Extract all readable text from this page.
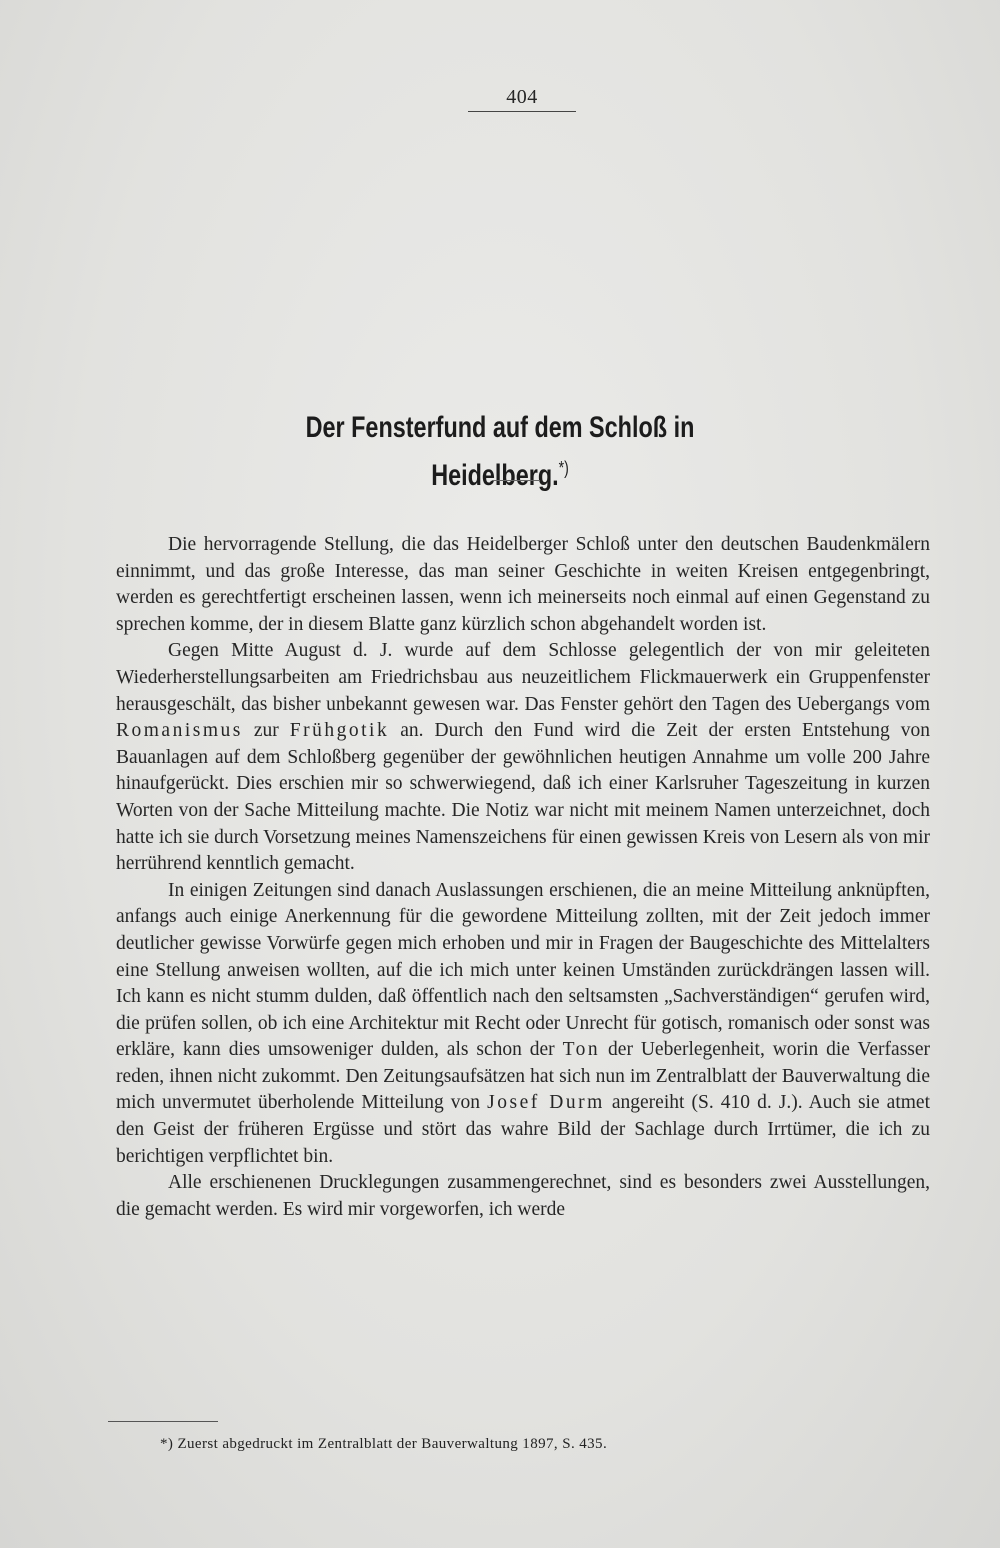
404
Der Fensterfund auf dem Schloß in Heidelberg.*)

Die hervorragende Stellung, die das Heidelberger Schloß unter den deutschen Baudenkmälern einnimmt, und das große Interesse, das man seiner Geschichte in weiten Kreisen entgegenbringt, werden es gerechtfertigt erscheinen lassen, wenn ich meinerseits noch einmal auf einen Gegenstand zu sprechen komme, der in diesem Blatte ganz kürzlich schon abgehandelt worden ist.

Gegen Mitte August d. J. wurde auf dem Schlosse gelegentlich der von mir geleiteten Wiederherstellungsarbeiten am Friedrichsbau aus neuzeitlichem Flickmauerwerk ein Gruppenfenster herausgeschält, das bisher unbekannt gewesen war. Das Fenster gehört den Tagen des Uebergangs vom Romanismus zur Frühgotik an. Durch den Fund wird die Zeit der ersten Entstehung von Bauanlagen auf dem Schloßberg gegenüber der gewöhnlichen heutigen Annahme um volle 200 Jahre hinaufgerückt. Dies erschien mir so schwerwiegend, daß ich einer Karlsruher Tageszeitung in kurzen Worten von der Sache Mitteilung machte. Die Notiz war nicht mit meinem Namen unterzeichnet, doch hatte ich sie durch Vorsetzung meines Namenszeichens für einen gewissen Kreis von Lesern als von mir herrührend kenntlich gemacht.

In einigen Zeitungen sind danach Auslassungen erschienen, die an meine Mitteilung anknüpften, anfangs auch einige Anerkennung für die gewordene Mitteilung zollten, mit der Zeit jedoch immer deutlicher gewisse Vorwürfe gegen mich erhoben und mir in Fragen der Baugeschichte des Mittelalters eine Stellung anweisen wollten, auf die ich mich unter keinen Umständen zurückdrängen lassen will. Ich kann es nicht stumm dulden, daß öffentlich nach den seltsamsten „Sachverständigen“ gerufen wird, die prüfen sollen, ob ich eine Architektur mit Recht oder Unrecht für gotisch, romanisch oder sonst was erkläre, kann dies umsoweniger dulden, als schon der Ton der Ueberlegenheit, worin die Verfasser reden, ihnen nicht zukommt. Den Zeitungsaufsätzen hat sich nun im Zentralblatt der Bauverwaltung die mich unvermutet überholende Mitteilung von Josef Durm angereiht (S. 410 d. J.). Auch sie atmet den Geist der früheren Ergüsse und stört das wahre Bild der Sachlage durch Irrtümer, die ich zu berichtigen verpflichtet bin.

Alle erschienenen Drucklegungen zusammengerechnet, sind es besonders zwei Ausstellungen, die gemacht werden. Es wird mir vorgeworfen, ich werde

*) Zuerst abgedruckt im Zentralblatt der Bauverwaltung 1897, S. 435.
